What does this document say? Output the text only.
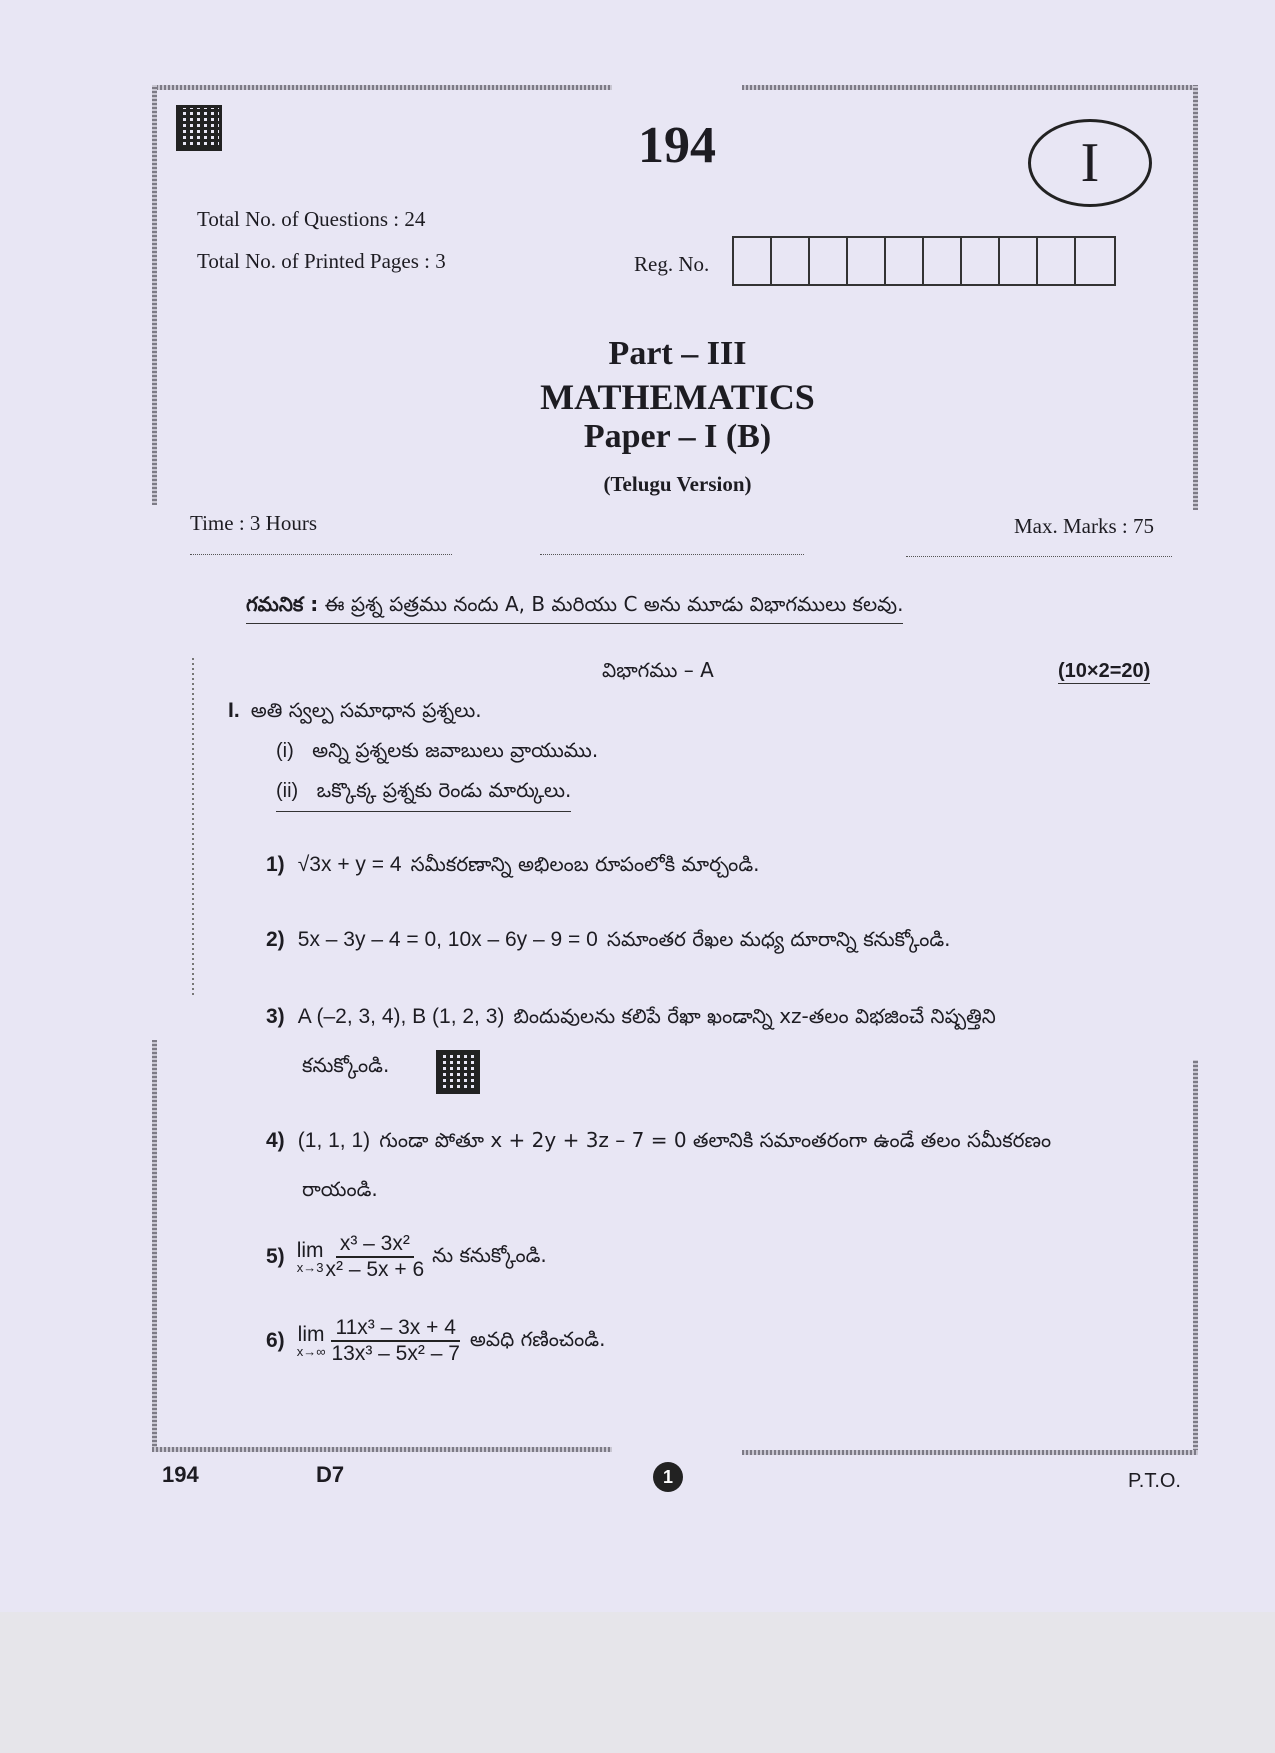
194	I
Total No. of Questions : 24
Total No. of Printed Pages : 3	Reg. No.
Part – III
MATHEMATICS
Paper – I (B)
(Telugu Version)
Time : 3 Hours	Max. Marks : 75
గమనిక : ఈ ప్రశ్న పత్రము నందు A, B మరియు C అను మూడు విభాగములు కలవు.
విభాగము – A	(10×2=20)
I. అతి స్వల్ప సమాధాన ప్రశ్నలు.
(i) అన్ని ప్రశ్నలకు జవాబులు వ్రాయుము.
(ii) ఒక్కొక్క ప్రశ్నకు రెండు మార్కులు.
1) √3x + y = 4 సమీకరణాన్ని అభిలంబ రూపంలోకి మార్చండి.
2) 5x – 3y – 4 = 0, 10x – 6y – 9 = 0 సమాంతర రేఖల మధ్య దూరాన్ని కనుక్కోండి.
3) A (–2, 3, 4), B (1, 2, 3) బిందువులను కలిపే రేఖా ఖండాన్ని xz-తలం విభజించే నిష్పత్తిని
కనుక్కోండి.
4) (1, 1, 1) గుండా పోతూ x + 2y + 3z – 7 = 0 తలానికి సమాంతరంగా ఉండే తలం సమీకరణం
రాయండి.
5) lim
$x\to 3 \frac{\text{x³ – 3x²}}{\text{x² – 5x + 6}}$ ను కనుక్కోండి.
6) lim
$x\to\infty \frac{\text{11x³ – 3x + 4}}{\text{13x³ – 5x² – 7}}$ అవధి గణించండి.
194	D7	1	P.T.O.
